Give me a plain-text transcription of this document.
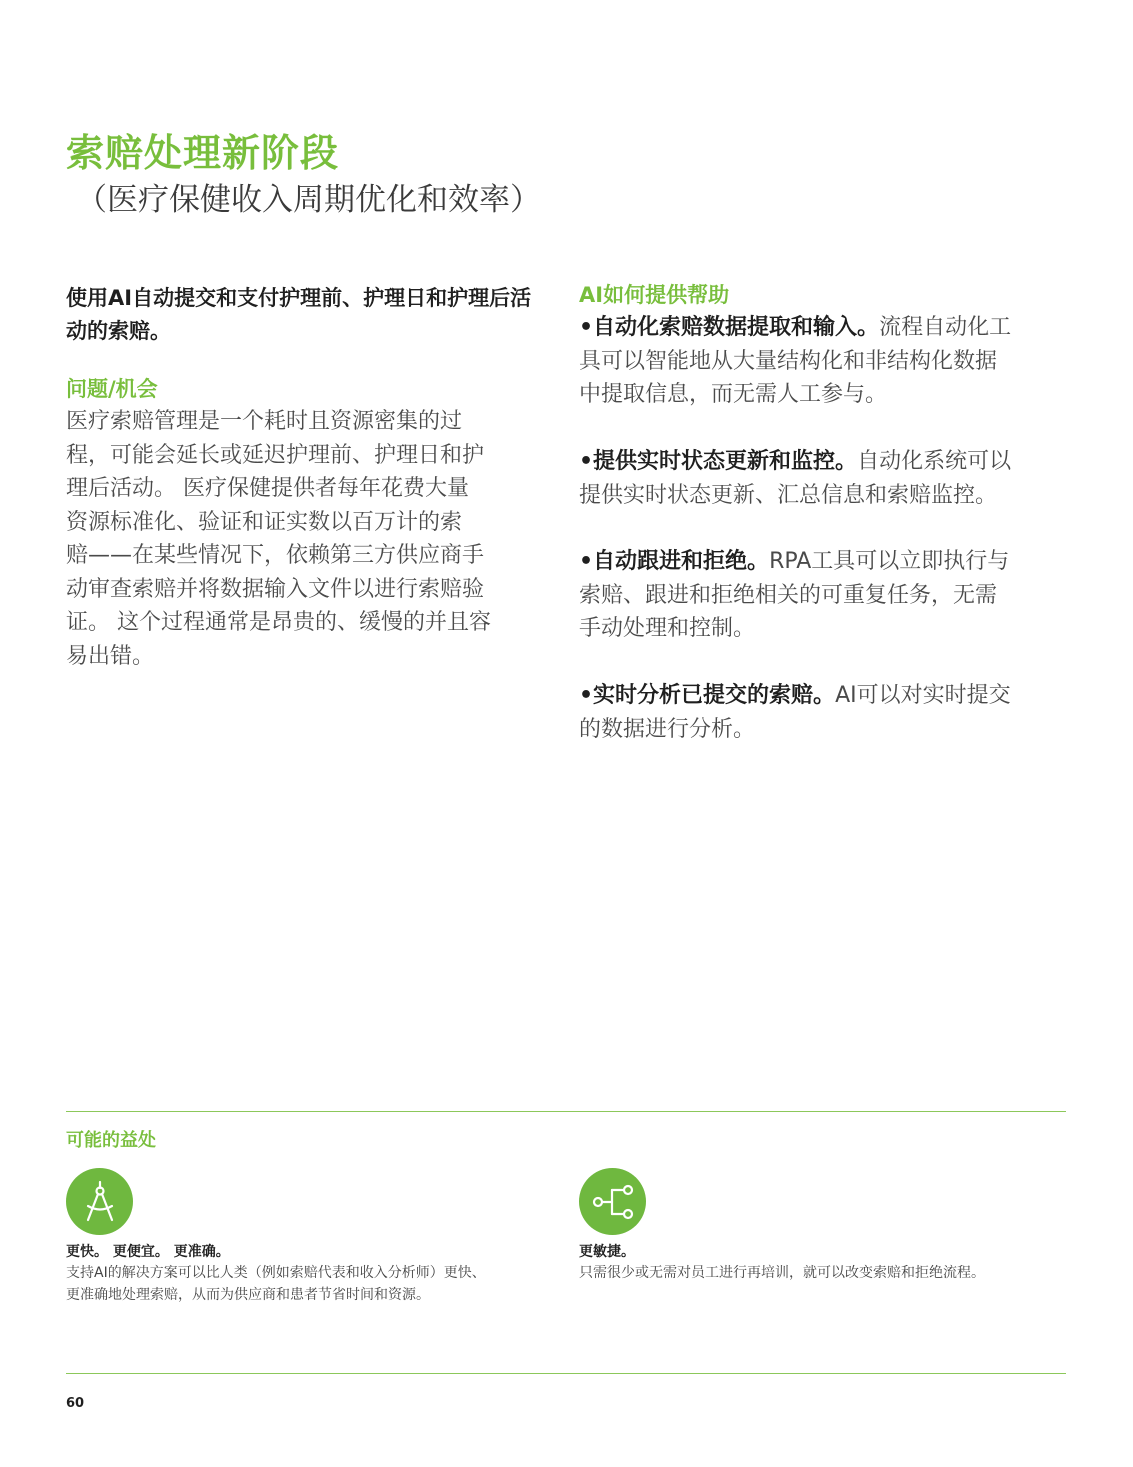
索赔处理新阶段

（医疗保健收入周期优化和效率）

使用AI自动提交和支付护理前、护理日和护理后活动的索赔。

问题/机会

医疗索赔管理是一个耗时且资源密集的过

程，可能会延长或延迟护理前、护理日和护

理后活动。 医疗保健提供者每年花费大量

资源标准化、验证和证实数以百万计的索

赔——在某些情况下，依赖第三方供应商手

动审查索赔并将数据输入文件以进行索赔验

证。 这个过程通常是昂贵的、缓慢的并且容

易出错。

AI如何提供帮助

•自动化索赔数据提取和输入。流程自动化工

具可以智能地从大量结构化和非结构化数据

中提取信息，而无需人工参与。

•提供实时状态更新和监控。自动化系统可以

提供实时状态更新、汇总信息和索赔监控。

•自动跟进和拒绝。RPA工具可以立即执行与

索赔、跟进和拒绝相关的可重复任务，无需

手动处理和控制。

•实时分析已提交的索赔。AI可以对实时提交

的数据进行分析。

可能的益处

更快。 更便宜。 更准确。

支持AI的解决方案可以比人类（例如索赔代表和收入分析师）更快、

更准确地处理索赔，从而为供应商和患者节省时间和资源。

更敏捷。

只需很少或无需对员工进行再培训，就可以改变索赔和拒绝流程。

60
